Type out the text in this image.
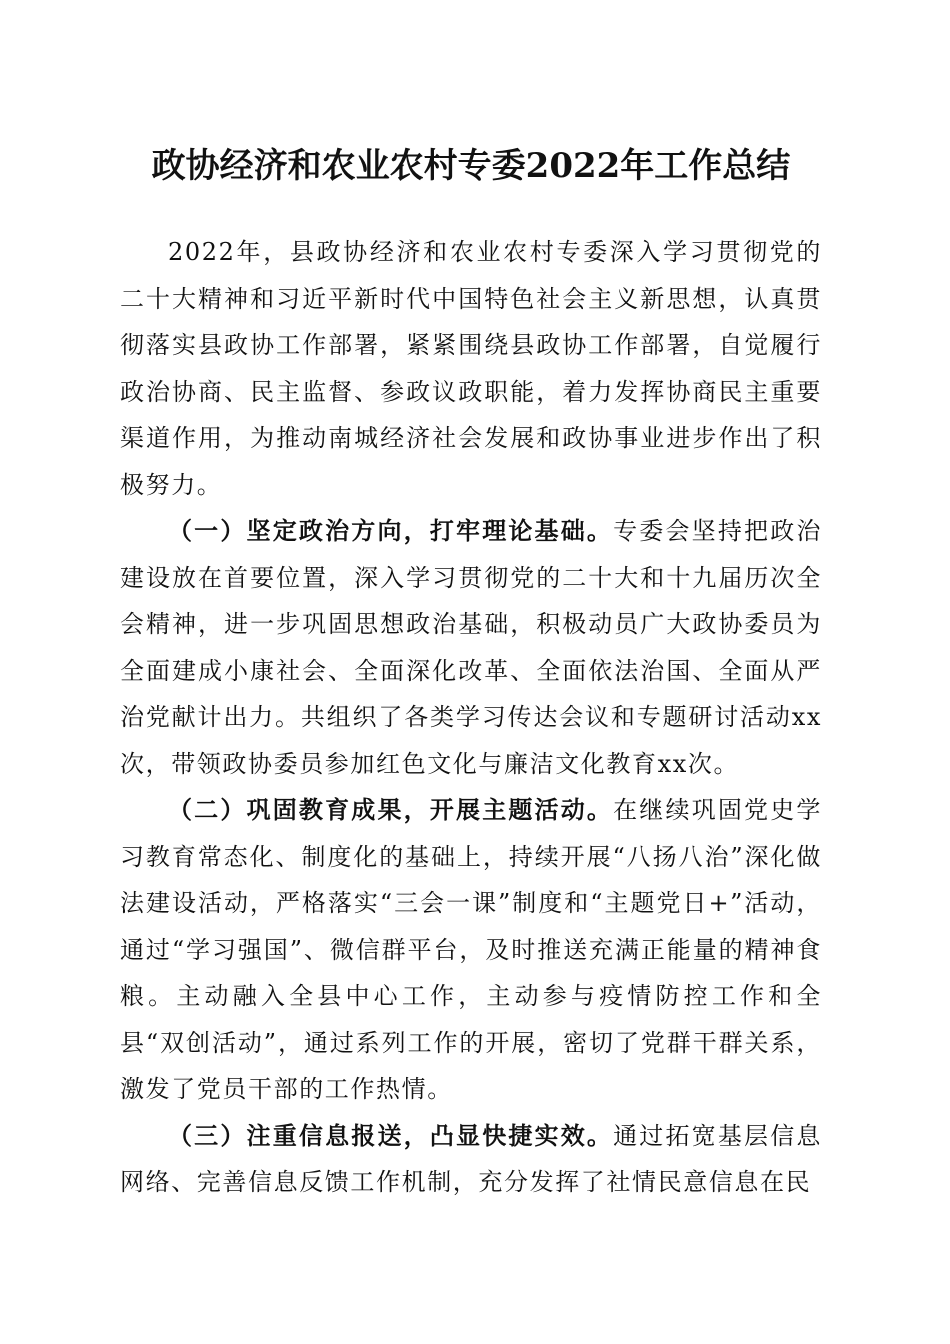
政协经济和农业农村专委2022年工作总结

2022年，县政协经济和农业农村专委深入学习贯彻党的二十大精神和习近平新时代中国特色社会主义新思想，认真贯彻落实县政协工作部署，紧紧围绕县政协工作部署，自觉履行政治协商、民主监督、参政议政职能，着力发挥协商民主重要渠道作用，为推动南城经济社会发展和政协事业进步作出了积极努力。

（一）坚定政治方向，打牢理论基础。专委会坚持把政治建设放在首要位置，深入学习贯彻党的二十大和十九届历次全会精神，进一步巩固思想政治基础，积极动员广大政协委员为全面建成小康社会、全面深化改革、全面依法治国、全面从严治党献计出力。共组织了各类学习传达会议和专题研讨活动xx次，带领政协委员参加红色文化与廉洁文化教育xx次。

（二）巩固教育成果，开展主题活动。在继续巩固党史学习教育常态化、制度化的基础上，持续开展“八扬八治”深化做法建设活动，严格落实“三会一课”制度和“主题党日+”活动，通过“学习强国”、微信群平台，及时推送充满正能量的精神食粮。主动融入全县中心工作，主动参与疫情防控工作和全县“双创活动”，通过系列工作的开展，密切了党群干群关系，激发了党员干部的工作热情。

（三）注重信息报送，凸显快捷实效。通过拓宽基层信息网络、完善信息反馈工作机制，充分发挥了社情民意信息在民
